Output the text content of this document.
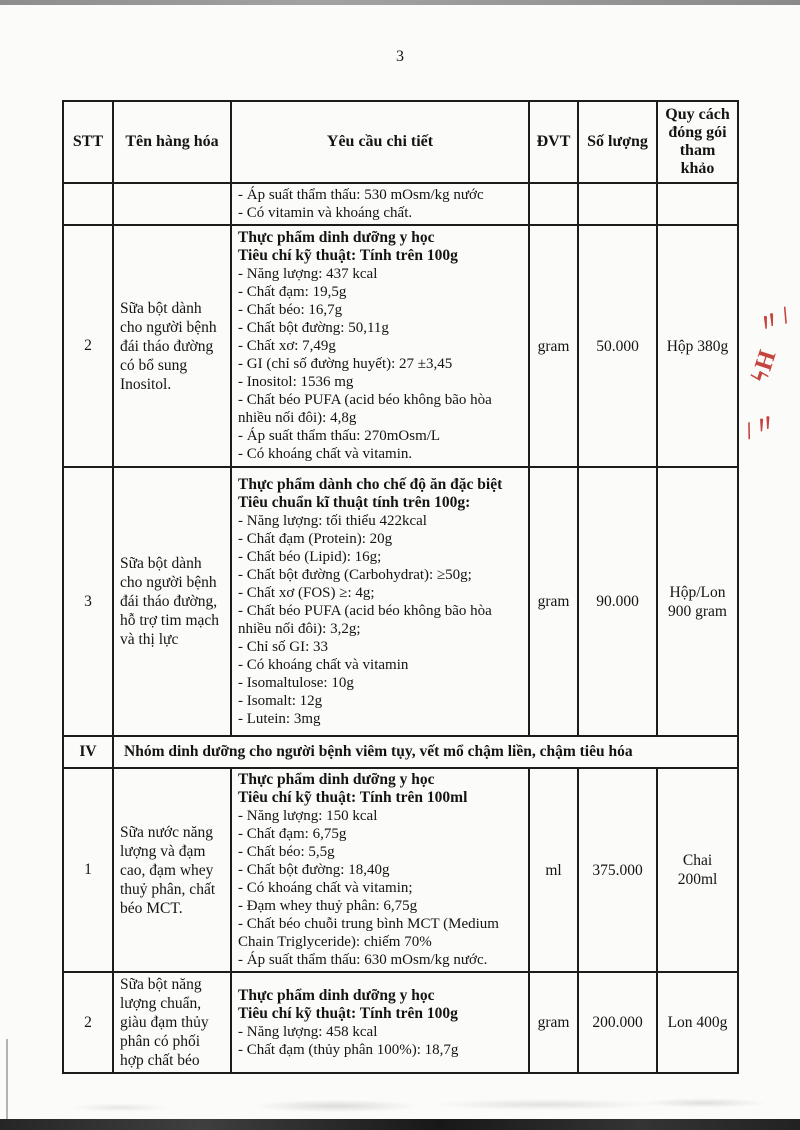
3
STT	Tên hàng hóa	Yêu cầu chi tiết	ĐVT	Số lượng	Quy cách đóng gói tham khảo

		- Áp suất thẩm thấu: 530 mOsm/kg nước
- Có vitamin và khoáng chất.			

2	Sữa bột dành cho người bệnh đái tháo đường có bổ sung Inositol.	
Thực phẩm dinh dưỡng y học
Tiêu chí kỹ thuật: Tính trên 100g
- Năng lượng: 437 kcal
- Chất đạm: 19,5g
- Chất béo: 16,7g
- Chất bột đường: 50,11g
- Chất xơ: 7,49g
- GI (chỉ số đường huyết): 27 ±3,45
- Inositol: 1536 mg
- Chất béo PUFA (acid béo không bão hòa nhiều nối đôi): 4,8g
- Áp suất thẩm thấu: 270mOsm/L
- Có khoáng chất và vitamin.
	gram	50.000	Hộp 380g
3	Sữa bột dành cho người bệnh đái tháo đường, hỗ trợ tim mạch và thị lực	
Thực phẩm dành cho chế độ ăn đặc biệt
Tiêu chuẩn kĩ thuật tính trên 100g:
- Năng lượng: tối thiểu 422kcal
- Chất đạm (Protein): 20g
- Chất béo (Lipid): 16g;
- Chất bột đường (Carbohydrat): ≥50g;
- Chất xơ (FOS) ≥: 4g;
- Chất béo PUFA (acid béo không bão hòa nhiều nối đôi): 3,2g;
- Chỉ số GI: 33
- Có khoáng chất và vitamin
- Isomaltulose: 10g
- Isomalt: 12g
- Lutein: 3mg
	gram	90.000	Hộp/Lon 900 gram
IV	Nhóm dinh dưỡng cho người bệnh viêm tụy, vết mổ chậm liền, chậm tiêu hóa				
1	Sữa nước năng lượng và đạm cao, đạm whey thuỷ phân, chất béo MCT.	
Thực phẩm dinh dưỡng y học
Tiêu chí kỹ thuật: Tính trên 100ml
- Năng lượng: 150 kcal
- Chất đạm: 6,75g
- Chất béo: 5,5g
- Chất bột đường: 18,40g
- Có khoáng chất và vitamin;
- Đạm whey thuỷ phân: 6,75g
- Chất béo chuỗi trung bình MCT (Medium Chain Triglyceride): chiếm 70%
- Áp suất thẩm thấu: 630 mOsm/kg nước.
	ml	375.000	Chai 200ml
2	Sữa bột năng lượng chuẩn, giàu đạm thủy phân có phối hợp chất béo	Thực phẩm dinh dưỡng y học
Tiêu chí kỹ thuật: Tính trên 100g
- Năng lượng: 458 kcal
- Chất đạm (thủy phân 100%): 18,7g	gram	200.000	Lon 400g
〃/
ϟΗ
/〃
